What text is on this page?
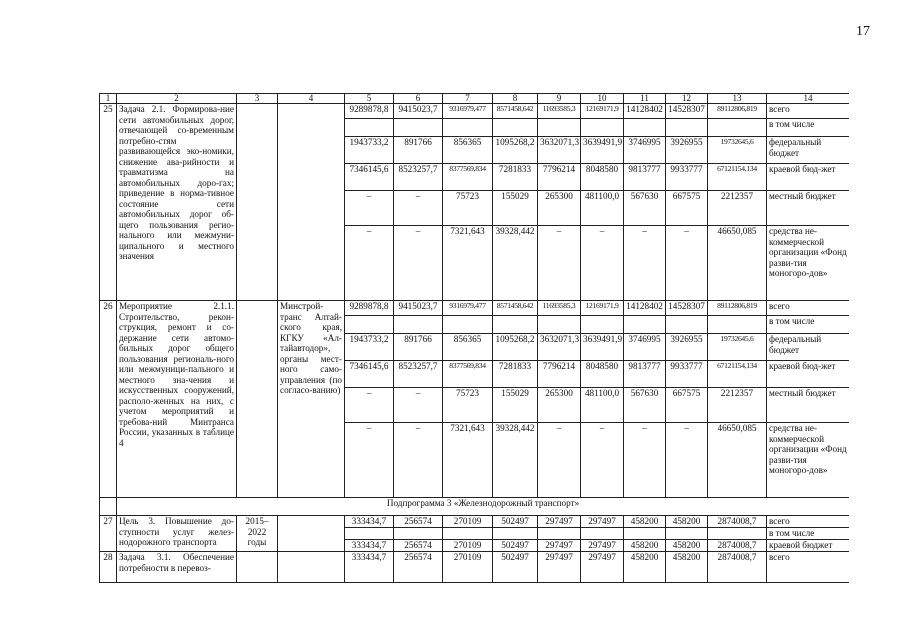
17
1	2	3	4	5	6	7	8	9	10	11	12	13	14
25	Задача 2.1. Формирова-ние сети автомобильных дорог, отвечающей со-временным потребно-стям развивающейся эко-номики, снижение ава-рийности и травматизма на автомобильных доро-гах; приведение в норма-тивное состояние сети автомобильных дорог об-щего пользования регио-нального или межмуни-ципального и местного значения			9289878,8	9415023,7	9316979,477	8571458,642	11693585,3	12169171,9	14128402	14528307	89112806,819	всего
													в том числе
				1943733,2	891766	856365	1095268,2	3632071,3	3639491,9	3746995	3926955	19732645,6	федеральный бюджет
				7346145,6	8523257,7	8377569,834	7281833	7796214	8048580	9813777	9933777	67121154,134	краевой бюд-жет
				–	–	75723	155029	265300	481100,0	567630	667575	2212357	местный бюджет
				–	–	7321,643	39328,442	–	–	–	–	46650,085	средства не-коммерческой организации «Фонд разви-тия моногоро-дов»
26	Мероприятие 2.1.1. Строительство, рекон-струкция, ремонт и со-держание сети автомо-бильных дорог общего пользования региональ-ного или межмуници-пального и местного зна-чения и искусственных сооружений, располо-женных на них, с учетом мероприятий и требова-ний Минтранса России, указанных в таблице 4		Минстрой-транс Алтай-ского края, КГКУ «Ал-тайавтодор», органы мест-ного само-управления (по согласо-ванию)	9289878,8	9415023,7	9316979,477	8571458,642	11693585,3	12169171,9	14128402	14528307	89112806,819	всего
													в том числе
				1943733,2	891766	856365	1095268,2	3632071,3	3639491,9	3746995	3926955	19732645,6	федеральный бюджет
				7346145,6	8523257,7	8377569,834	7281833	7796214	8048580	9813777	9933777	67121154,134	краевой бюд-жет
				–	–	75723	155029	265300	481100,0	567630	667575	2212357	местный бюджет
				–	–	7321,643	39328,442	–	–	–	–	46650,085	средства не-коммерческой организации «Фонд разви-тия моногоро-дов»
	Подпрограмма 3 «Железнодорожный транспорт»												
27	Цель 3. Повышение до-ступности услуг желез-нодорожного транспорта	2015–2022 годы		333434,7	256574	270109	502497	297497	297497	458200	458200	2874008,7	всего
													в том числе
				333434,7	256574	270109	502497	297497	297497	458200	458200	2874008,7	краевой бюджет
28	Задача 3.1. Обеспечение потребности в перевоз-			333434,7	256574	270109	502497	297497	297497	458200	458200	2874008,7	всего
